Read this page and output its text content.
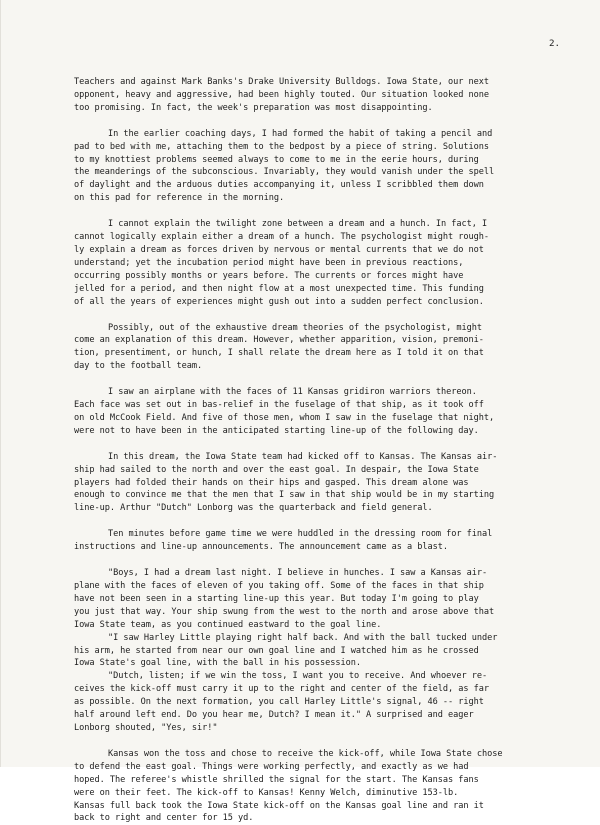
2.

Teachers and against Mark Banks's Drake University Bulldogs. Iowa State, our next
opponent, heavy and aggressive, had been highly touted. Our situation looked none
too promising. In fact, the week's preparation was most disappointing.

In the earlier coaching days, I had formed the habit of taking a pencil and
pad to bed with me, attaching them to the bedpost by a piece of string. Solutions
to my knottiest problems seemed always to come to me in the eerie hours, during
the meanderings of the subconscious. Invariably, they would vanish under the spell
of daylight and the arduous duties accompanying it, unless I scribbled them down
on this pad for reference in the morning.

I cannot explain the twilight zone between a dream and a hunch. In fact, I
cannot logically explain either a dream of a hunch. The psychologist might rough-
ly explain a dream as forces driven by nervous or mental currents that we do not
understand; yet the incubation period might have been in previous reactions,
occurring possibly months or years before. The currents or forces might have
jelled for a period, and then night flow at a most unexpected time. This funding
of all the years of experiences might gush out into a sudden perfect conclusion.

Possibly, out of the exhaustive dream theories of the psychologist, might
come an explanation of this dream. However, whether apparition, vision, premoni-
tion, presentiment, or hunch, I shall relate the dream here as I told it on that
day to the football team.

I saw an airplane with the faces of 11 Kansas gridiron warriors thereon.
Each face was set out in bas-relief in the fuselage of that ship, as it took off
on old McCook Field. And five of those men, whom I saw in the fuselage that night,
were not to have been in the anticipated starting line-up of the following day.

In this dream, the Iowa State team had kicked off to Kansas. The Kansas air-
ship had sailed to the north and over the east goal. In despair, the Iowa State
players had folded their hands on their hips and gasped. This dream alone was
enough to convince me that the men that I saw in that ship would be in my starting
line-up. Arthur "Dutch" Lonborg was the quarterback and field general.

Ten minutes before game time we were huddled in the dressing room for final
instructions and line-up announcements. The announcement came as a blast.

"Boys, I had a dream last night. I believe in hunches. I saw a Kansas air-
plane with the faces of eleven of you taking off. Some of the faces in that ship
have not been seen in a starting line-up this year. But today I'm going to play
you just that way. Your ship swung from the west to the north and arose above that
Iowa State team, as you continued eastward to the goal line.
"I saw Harley Little playing right half back. And with the ball tucked under
his arm, he started from near our own goal line and I watched him as he crossed
Iowa State's goal line, with the ball in his possession.
"Dutch, listen; if we win the toss, I want you to receive. And whoever re-
ceives the kick-off must carry it up to the right and center of the field, as far
as possible. On the next formation, you call Harley Little's signal, 46 -- right
half around left end. Do you hear me, Dutch? I mean it." A surprised and eager
Lonborg shouted, "Yes, sir!"

Kansas won the toss and chose to receive the kick-off, while Iowa State chose
to defend the east goal. Things were working perfectly, and exactly as we had
hoped. The referee's whistle shrilled the signal for the start. The Kansas fans
were on their feet. The kick-off to Kansas! Kenny Welch, diminutive 153-lb.
Kansas full back took the Iowa State kick-off on the Kansas goal line and ran it
back to right and center for 15 yd.
